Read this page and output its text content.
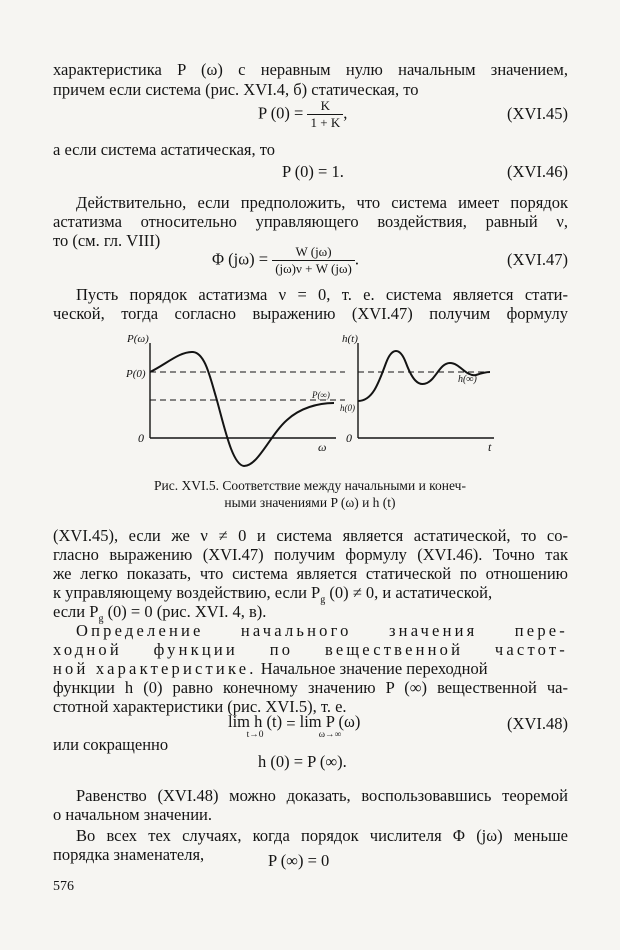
характеристика P (ω) с неравным нулю начальным значением,
причем если система (рис. XVI.4, б) статическая, то
P $(0) = \frac{K}{1 + K}$ ,	(XVI.45)
а если система астатическая, то
P (0) = 1.	(XVI.46)
Действительно, если предположить, что система имеет порядок
астатизма относительно управляющего воздействия, равный ν,
то (см. гл. VIII)
Φ $(j\omega) = \frac{W (j\omega)}{(j\omega)\nu + W (j\omega)}$ .	(XVI.47)
Пусть порядок астатизма ν = 0, т. е. система является стати-
ческой, тогда согласно выражению (XVI.47) получим формулу
P(ω)
P(0)
0
ω
P(∞)
h(t)
h(0)
0
t
h(∞)
Рис. XVI.5. Соответствие между начальными и конеч-
ными значениями P (ω) и h (t)
(XVI.45), если же ν ≠ 0 и система является астатической, то со-
гласно выражению (XVI.47) получим формулу (XVI.46). Точно так
же легко показать, что система является статической по отношению
к управляющему воздействию, если $P_g$ (0) ≠ 0, и астатической,
если $P_g$ (0) = 0 (рис. XVI. 4, в).
Определение начального значения пере-
ходной функции по вещественной частот-
ной характеристике. Начальное значение переходной
функции h (0) равно конечному значению P (∞) вещественной ча-
стотной характеристики (рис. XVI.5), т. е.
lim h (t)
t→0
= lim P (ω)
ω→∞
(XVI.48)
или сокращенно
h (0) = P (∞).
Равенство (XVI.48) можно доказать, воспользовавшись теоремой
о начальном значении.
Во всех тех случаях, когда порядок числителя Φ (jω) меньше
порядка знаменателя,	P (∞) = 0
576
